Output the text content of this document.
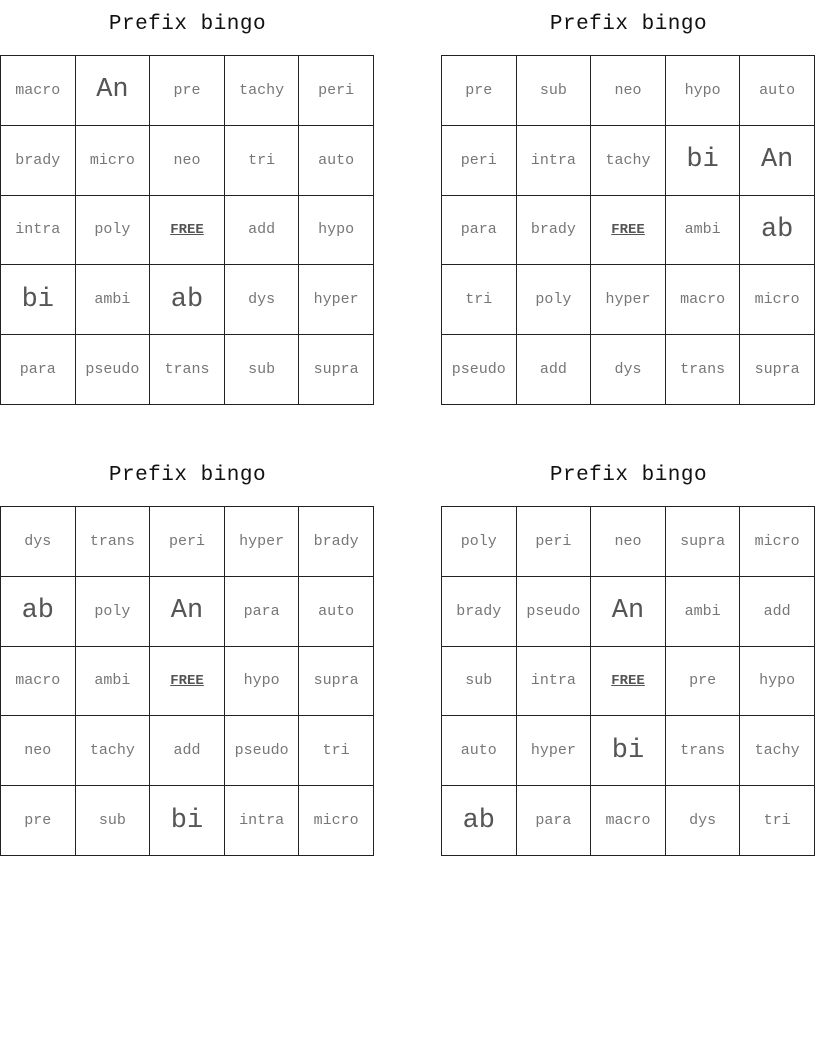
Prefix bingo
macro	An	pre	tachy	peri
brady	micro	neo	tri	auto
intra	poly	FREE	add	hypo
bi	ambi	ab	dys	hyper
para	pseudo	trans	sub	supra
Prefix bingo
pre	sub	neo	hypo	auto
peri	intra	tachy	bi	An
para	brady	FREE	ambi	ab
tri	poly	hyper	macro	micro
pseudo	add	dys	trans	supra
Prefix bingo
dys	trans	peri	hyper	brady
ab	poly	An	para	auto
macro	ambi	FREE	hypo	supra
neo	tachy	add	pseudo	tri
pre	sub	bi	intra	micro
Prefix bingo
poly	peri	neo	supra	micro
brady	pseudo	An	ambi	add
sub	intra	FREE	pre	hypo
auto	hyper	bi	trans	tachy
ab	para	macro	dys	tri
